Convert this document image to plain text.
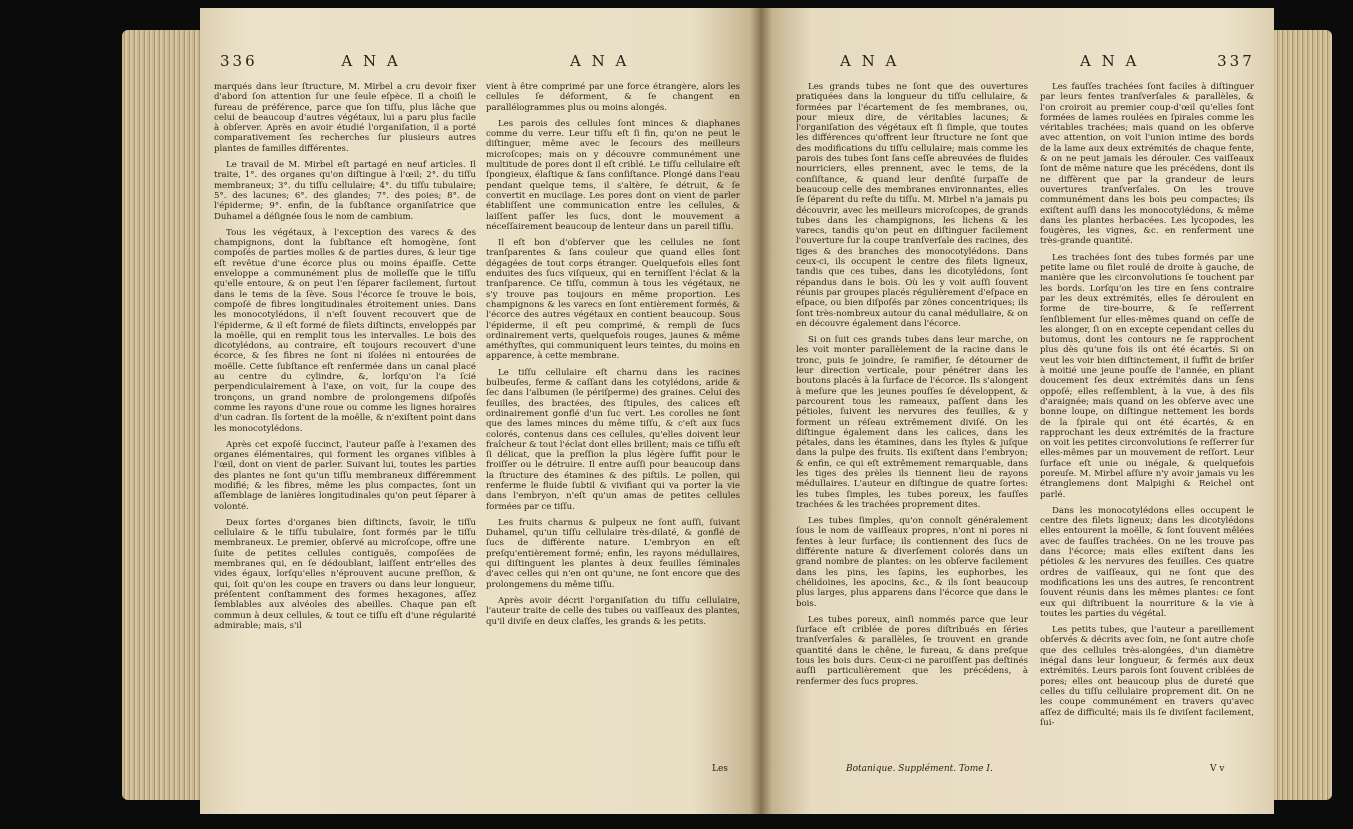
336	A N A	A N A

marqués dans leur ſtructure, M. Mirbel a cru devoir fixer d'abord ſon attention ſur une ſeule eſpèce. Il a choiſi le fureau de préférence, parce que ſon tiſſu, plus lâche que celui de beaucoup d'autres végétaux, lui a paru plus facile à obſerver. Après en avoir étudié l'organiſation, il a porté comparativement ſes recherches ſur plusieurs autres plantes de familles différentes.

Le travail de M. Mirbel eſt partagé en neuf articles. Il traite, 1°. des organes qu'on diſtingue à l'œil; 2°. du tiſſu membraneux; 3°. du tiſſu cellulaire; 4°. du tiſſu tubulaire; 5°. des lacunes; 6°. des glandes; 7°. des poies; 8°. de l'épiderme; 9°. enfin, de la ſubſtance organiſatrice que Duhamel a déſignée ſous le nom de cambium.

Tous les végétaux, à l'exception des varecs & des champignons, dont la ſubſtance eſt homogène, ſont compoſés de parties molles & de parties dures, & leur tige eſt revêtue d'une écorce plus ou moins épaiſſe. Cette enveloppe a communément plus de molleſſe que le tiſſu qu'elle entoure, & on peut l'en ſéparer facilement, ſurtout dans le tems de la ſève. Sous l'écorce ſe trouve le bois, compoſé de fibres longitudinales étroitement unies. Dans les monocotylédons, il n'eſt ſouvent recouvert que de l'épiderme, & il eſt formé de filets diſtincts, enveloppés par la moëlle, qui en remplit tous les intervalles. Le bois des dicotylédons, au contraire, eſt toujours recouvert d'une écorce, & ſes fibres ne ſont ni iſolées ni entourées de moëlle. Cette ſubſtance eſt renfermée dans un canal placé au centre du cylindre, &, lorſqu'on l'a ſcié perpendiculairement à l'axe, on voit, ſur la coupe des tronçons, un grand nombre de prolongemens diſpoſés comme les rayons d'une roue ou comme les lignes horaires d'un cadran. Ils ſortent de la moëlle, & n'exiſtent point dans les monocotylédons.

Après cet expoſé ſuccinct, l'auteur paſſe à l'examen des organes élémentaires, qui forment les organes viſibles à l'œil, dont on vient de parler. Suivant lui, toutes les parties des plantes ne ſont qu'un tiſſu membraneux différemment modifié; & les fibres, même les plus compactes, ſont un aſſemblage de lanières longitudinales qu'on peut ſéparer à volonté.

Deux ſortes d'organes bien diſtincts, ſavoir, le tiſſu cellulaire & le tiſſu tubulaire, ſont formés par le tiſſu membraneux. Le premier, obſervé au microſcope, offre une ſuite de petites cellules contiguës, compoſées de membranes qui, en ſe dédoublant, laiſſent entr'elles des vides égaux, lorſqu'elles n'éprouvent aucune preſſion, & qui, ſoit qu'on les coupe en travers ou dans leur longueur, préſentent conſtamment des formes hexagones, aſſez ſemblables aux alvéoles des abeilles. Chaque pan eſt commun à deux cellules, & tout ce tiſſu eſt d'une régularité admirable; mais, s'il

vient à être comprimé par une force étrangère, alors les cellules ſe déforment, & ſe changent en parallélogrammes plus ou moins alongés.

Les parois des cellules ſont minces & diaphanes comme du verre. Leur tiſſu eſt ſi fin, qu'on ne peut le diſtinguer, même avec le ſecours des meilleurs microſcopes; mais on y découvre communément une multitude de pores dont il eſt criblé. Le tiſſu cellulaire eſt ſpongieux, élaſtique & ſans conſiſtance. Plongé dans l'eau pendant quelque tems, il s'altère, ſe détruit, & ſe convertit en mucilage. Les pores dont on vient de parler établiſſent une communication entre les cellules, & laiſſent paſſer les ſucs, dont le mouvement a néceſſairement beaucoup de lenteur dans un pareil tiſſu.

Il eſt bon d'obſerver que les cellules ne ſont tranſparentes & ſans couleur que quand elles ſont dégagées de tout corps étranger. Quelquefois elles ſont enduites des ſucs viſqueux, qui en terniſſent l'éclat & la tranſparence. Ce tiſſu, commun à tous les végétaux, ne s'y trouve pas toujours en même proportion. Les champignons & les varecs en ſont entièrement formés, & l'écorce des autres végétaux en contient beaucoup. Sous l'épiderme, il eſt peu comprimé, & rempli de ſucs ordinairement verts, quelquefois rouges, jaunes & même améthyſtes, qui communiquent leurs teintes, du moins en apparence, à cette membrane.

Le tiſſu cellulaire eſt charnu dans les racines bulbeuſes, ferme & caſſant dans les cotylédons, aride & ſec dans l'albumen (le périſperme) des graines. Celui des feuilles, des bractées, des ſtipules, des calices eſt ordinairement gonflé d'un ſuc vert. Les corolles ne ſont que des lames minces du même tiſſu, & c'eſt aux ſucs colorés, contenus dans ces cellules, qu'elles doivent leur fraîcheur & tout l'éclat dont elles brillent; mais ce tiſſu eſt ſi délicat, que la preſſion la plus légère ſuffit pour le froiſſer ou le détruire. Il entre auſſi pour beaucoup dans la ſtructure des étamines & des piſtils. Le pollen, qui renferme le fluide ſubtil & vivifiant qui va porter la vie dans l'embryon, n'eſt qu'un amas de petites cellules formées par ce tiſſu.

Les fruits charnus & pulpeux ne ſont auſſi, ſuivant Duhamel, qu'un tiſſu cellulaire très-dilaté, & gonflé de ſucs de différente nature. L'embryon en eſt preſqu'entièrement formé; enfin, les rayons médullaires, qui diſtinguent les plantes à deux feuilles ſéminales d'avec celles qui n'en ont qu'une, ne ſont encore que des prolongemens du même tiſſu.

Après avoir décrit l'organiſation du tiſſu cellulaire, l'auteur traite de celle des tubes ou vaiſſeaux des plantes, qu'il diviſe en deux claſſes, les grands & les petits.

Les
A N A	A N A	337

Les grands tubes ne ſont que des ouvertures pratiquées dans la longueur du tiſſu cellulaire, & formées par l'écartement de ſes membranes, ou, pour mieux dire, de véritables lacunes; & l'organiſation des végétaux eſt ſi ſimple, que toutes les différences qu'offrent leur ſtructure ne ſont que des modifications du tiſſu cellulaire; mais comme les parois des tubes ſont ſans ceſſe abreuvées de fluides nourriciers, elles prennent, avec le tems, de la conſiſtance, & quand leur denſité ſurpaſſe de beaucoup celle des membranes environnantes, elles ſe ſéparent du reſte du tiſſu. M. Mirbel n'a jamais pu découvrir, avec les meilleurs microſcopes, de grands tubes dans les champignons, les lichens & les varecs, tandis qu'on peut en diſtinguer facilement l'ouverture ſur la coupe tranſverſale des racines, des tiges & des branches des monocotylédons. Dans ceux-ci, ils occupent le centre des filets ligneux, tandis que ces tubes, dans les dicotylédons, ſont répandus dans le bois. Où les y voit auſſi ſouvent réunis par groupes placés régulièrement d'eſpace en eſpace, ou bien diſpoſés par zônes concentriques; ils ſont très-nombreux autour du canal médullaire, & on en découvre également dans l'écorce.

Si on ſuit ces grands tubes dans leur marche, on les voit monter parallèlement de la racine dans le tronc, puis ſe joindre, ſe ramifier, ſe détourner de leur direction verticale, pour pénétrer dans les boutons placés à la ſurface de l'écorce. Ils s'alongent à meſure que les jeunes pouſſes ſe développent, & parcourent tous les rameaux, paſſent dans les pétioles, ſuivent les nervures des feuilles, & y forment un réſeau extrêmement diviſé. On les diſtingue également dans les calices, dans les pétales, dans les étamines, dans les ſtyles & juſque dans la pulpe des fruits. Ils exiſtent dans l'embryon; & enfin, ce qui eſt extrêmement remarquable, dans les tiges des prèles ils tiennent lieu de rayons médullaires. L'auteur en diſtingue de quatre ſortes: les tubes ſimples, les tubes poreux, les fauſſes trachées & les trachées proprement dites.

Les tubes ſimples, qu'on connoît généralement ſous le nom de vaiſſeaux propres, n'ont ni pores ni fentes à leur ſurface; ils contiennent des ſucs de différente nature & diverſement colorés dans un grand nombre de plantes: on les obſerve facilement dans les pins, les ſapins, les euphorbes, les chélidoines, les apocins, &c., & ils ſont beaucoup plus larges, plus apparens dans l'écorce que dans le bois.

Les tubes poreux, ainſi nommés parce que leur ſurface eſt criblée de pores diſtribués en ſéries tranſverſales & parallèles, ſe trouvent en grande quantité dans le chêne, le fureau, & dans preſque tous les bois durs. Ceux-ci ne paroiſſent pas deſtinés auſſi particulièrement que les précédens, à renfermer des ſucs propres.

Les fauſſes trachées ſont faciles à diſtinguer par leurs fentes tranſverſales & parallèles, & l'on croiroit au premier coup-d'œil qu'elles ſont formées de lames roulées en ſpirales comme les véritables trachées; mais quand on les obſerve avec attention, on voit l'union intime des bords de la lame aux deux extrémités de chaque fente, & on ne peut jamais les dérouler. Ces vaiſſeaux ſont de même nature que les précédens, dont ils ne diffèrent que par la grandeur de leurs ouvertures tranſverſales. On les trouve communément dans les bois peu compactes; ils exiſtent auſſi dans les monocotylédons, & même dans les plantes herbacées. Les lycopodes, les fougères, les vignes, &c. en renferment une très-grande quantité.

Les trachées ſont des tubes formés par une petite lame ou filet roulé de droite à gauche, de manière que les circonvolutions ſe touchent par les bords. Lorſqu'on les tire en ſens contraire par les deux extrémités, elles ſe déroulent en forme de tire-bourre, & ſe reſſerrent ſenſiblement ſur elles-mêmes quand on ceſſe de les alonger, ſi on en excepte cependant celles du butomus, dont les contours ne ſe rapprochent plus dès qu'une fois ils ont été écartés. Si on veut les voir bien diſtinctement, il ſuffit de briſer à moitié une jeune pouſſe de l'année, en pliant doucement ſes deux extrémités dans un ſens oppoſé; elles reſſemblent, à la vue, à des fils d'araignée; mais quand on les obſerve avec une bonne loupe, on diſtingue nettement les bords de la ſpirale qui ont été écartés, & en rapprochant les deux extrémités de la fracture on voit les petites circonvolutions ſe reſſerrer ſur elles-mêmes par un mouvement de reſſort. Leur ſurface eſt unie ou inégale, & quelquefois poreuſe. M. Mirbel aſſure n'y avoir jamais vu les étranglemens dont Malpighi & Reichel ont parlé.

Dans les monocotylédons elles occupent le centre des filets ligneux; dans les dicotylédons elles entourent la moëlle, & ſont ſouvent mêlées avec de fauſſes trachées. On ne les trouve pas dans l'écorce; mais elles exiſtent dans les pétioles & les nervures des feuilles. Ces quatre ordres de vaiſſeaux, qui ne ſont que des modifications les uns des autres, ſe rencontrent ſouvent réunis dans les mêmes plantes: ce ſont eux qui diſtribuent la nourriture & la vie à toutes les parties du végétal.

Les petits tubes, que l'auteur a pareillement obſervés & décrits avec ſoin, ne ſont autre choſe que des cellules très-alongées, d'un diamètre inégal dans leur longueur, & fermés aux deux extrémités. Leurs parois ſont ſouvent criblées de pores; elles ont beaucoup plus de dureté que celles du tiſſu cellulaire proprement dit. On ne les coupe communément en travers qu'avec aſſez de difficulté; mais ils ſe diviſent facilement, ſui-

Botanique. Supplément. Tome I.	V v
